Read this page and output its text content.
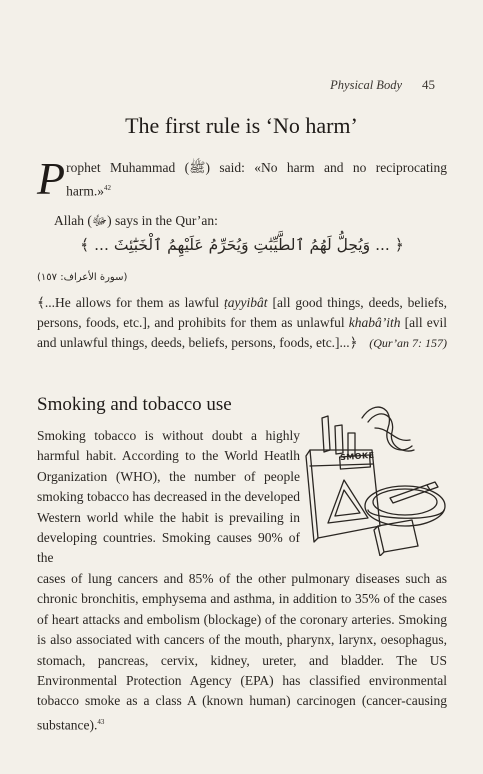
Physical Body 45
The first rule is ‘No harm’
Prophet Muhammad (ﷺ) said: «No harm and no reciprocating harm.»$^{42}$
Allah (ﷻ) says in the Qur’an:
﴿ ... وَيُحِلُّ لَهُمُ ٱلطَّيِّبَٰتِ وَيُحَرِّمُ عَلَيْهِمُ ٱلْخَبَٰٓئِثَ ... ﴾
(سورة الأعراف: ١٥٧)
﴾...He allows for them as lawful ṭayyibât [all good things, deeds, beliefs, persons, foods, etc.], and prohibits for them as unlawful khabâ’ith [all evil and unlawful things, deeds, beliefs, persons, foods, etc.]...﴿ (Qur’an 7: 157)
Smoking and tobacco use
Smoking tobacco is without doubt a highly harmful habit. According to the World Heatlh Organization (WHO), the number of people smoking tobacco has decreased in the developed Western world while the habit is prevailing in developing countries. Smoking causes 90% of the
SMOKE
cases of lung cancers and 85% of the other pulmonary diseases such as chronic bronchitis, emphysema and asthma, in addition to 35% of the cases of heart attacks and embolism (blockage) of the coronary arteries. Smoking is also associated with cancers of the mouth, pharynx, larynx, oesophagus, stomach, pancreas, cervix, kidney, ureter, and bladder. The US Environmental Protection Agency (EPA) has classified environmental tobacco smoke as a class A (known human) carcinogen (cancer-causing substance).$^{43}$
